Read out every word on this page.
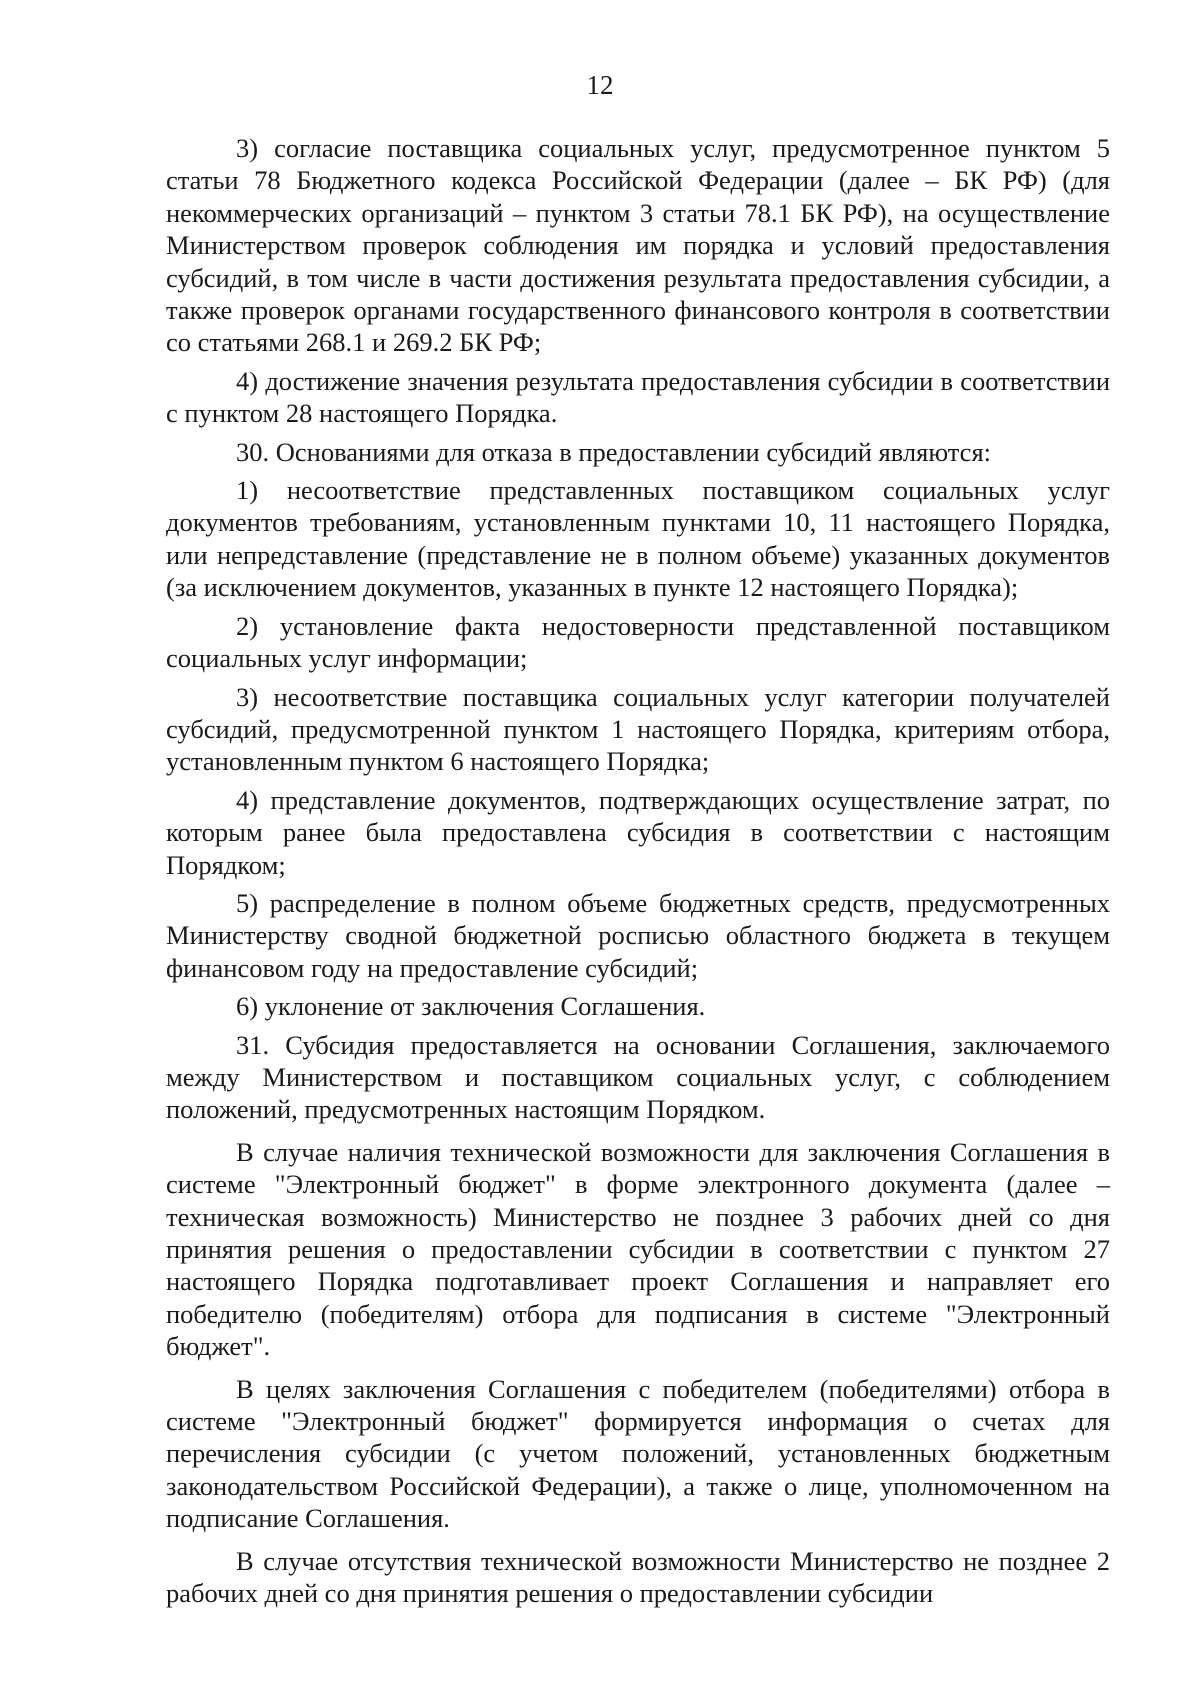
12

3) согласие поставщика социальных услуг, предусмотренное пунктом 5 статьи 78 Бюджетного кодекса Российской Федерации (далее – БК РФ) (для некоммерческих организаций – пунктом 3 статьи 78.1 БК РФ), на осуществление Министерством проверок соблюдения им порядка и условий предоставления субсидий, в том числе в части достижения результата предоставления субсидии, а также проверок органами государственного финансового контроля в соответствии со статьями 268.1 и 269.2 БК РФ;

4) достижение значения результата предоставления субсидии в соответствии с пунктом 28 настоящего Порядка.

30. Основаниями для отказа в предоставлении субсидий являются:

1) несоответствие представленных поставщиком социальных услуг документов требованиям, установленным пунктами 10, 11 настоящего Порядка, или непредставление (представление не в полном объеме) указанных документов (за исключением документов, указанных в пункте 12 настоящего Порядка);

2) установление факта недостоверности представленной поставщиком социальных услуг информации;

3) несоответствие поставщика социальных услуг категории получателей субсидий, предусмотренной пунктом 1 настоящего Порядка, критериям отбора, установленным пунктом 6 настоящего Порядка;

4) представление документов, подтверждающих осуществление затрат, по которым ранее была предоставлена субсидия в соответствии с настоящим Порядком;

5) распределение в полном объеме бюджетных средств, предусмотренных Министерству сводной бюджетной росписью областного бюджета в текущем финансовом году на предоставление субсидий;

6) уклонение от заключения Соглашения.

31. Субсидия предоставляется на основании Соглашения, заключаемого между Министерством и поставщиком социальных услуг, с соблюдением положений, предусмотренных настоящим Порядком.

В случае наличия технической возможности для заключения Соглашения в системе "Электронный бюджет" в форме электронного документа (далее – техническая возможность) Министерство не позднее 3 рабочих дней со дня принятия решения о предоставлении субсидии в соответствии с пунктом 27 настоящего Порядка подготавливает проект Соглашения и направляет его победителю (победителям) отбора для подписания в системе "Электронный бюджет".

В целях заключения Соглашения с победителем (победителями) отбора в системе "Электронный бюджет" формируется информация о счетах для перечисления субсидии (с учетом положений, установленных бюджетным законодательством Российской Федерации), а также о лице, уполномоченном на подписание Соглашения.

В случае отсутствия технической возможности Министерство не позднее 2 рабочих дней со дня принятия решения о предоставлении субсидии
